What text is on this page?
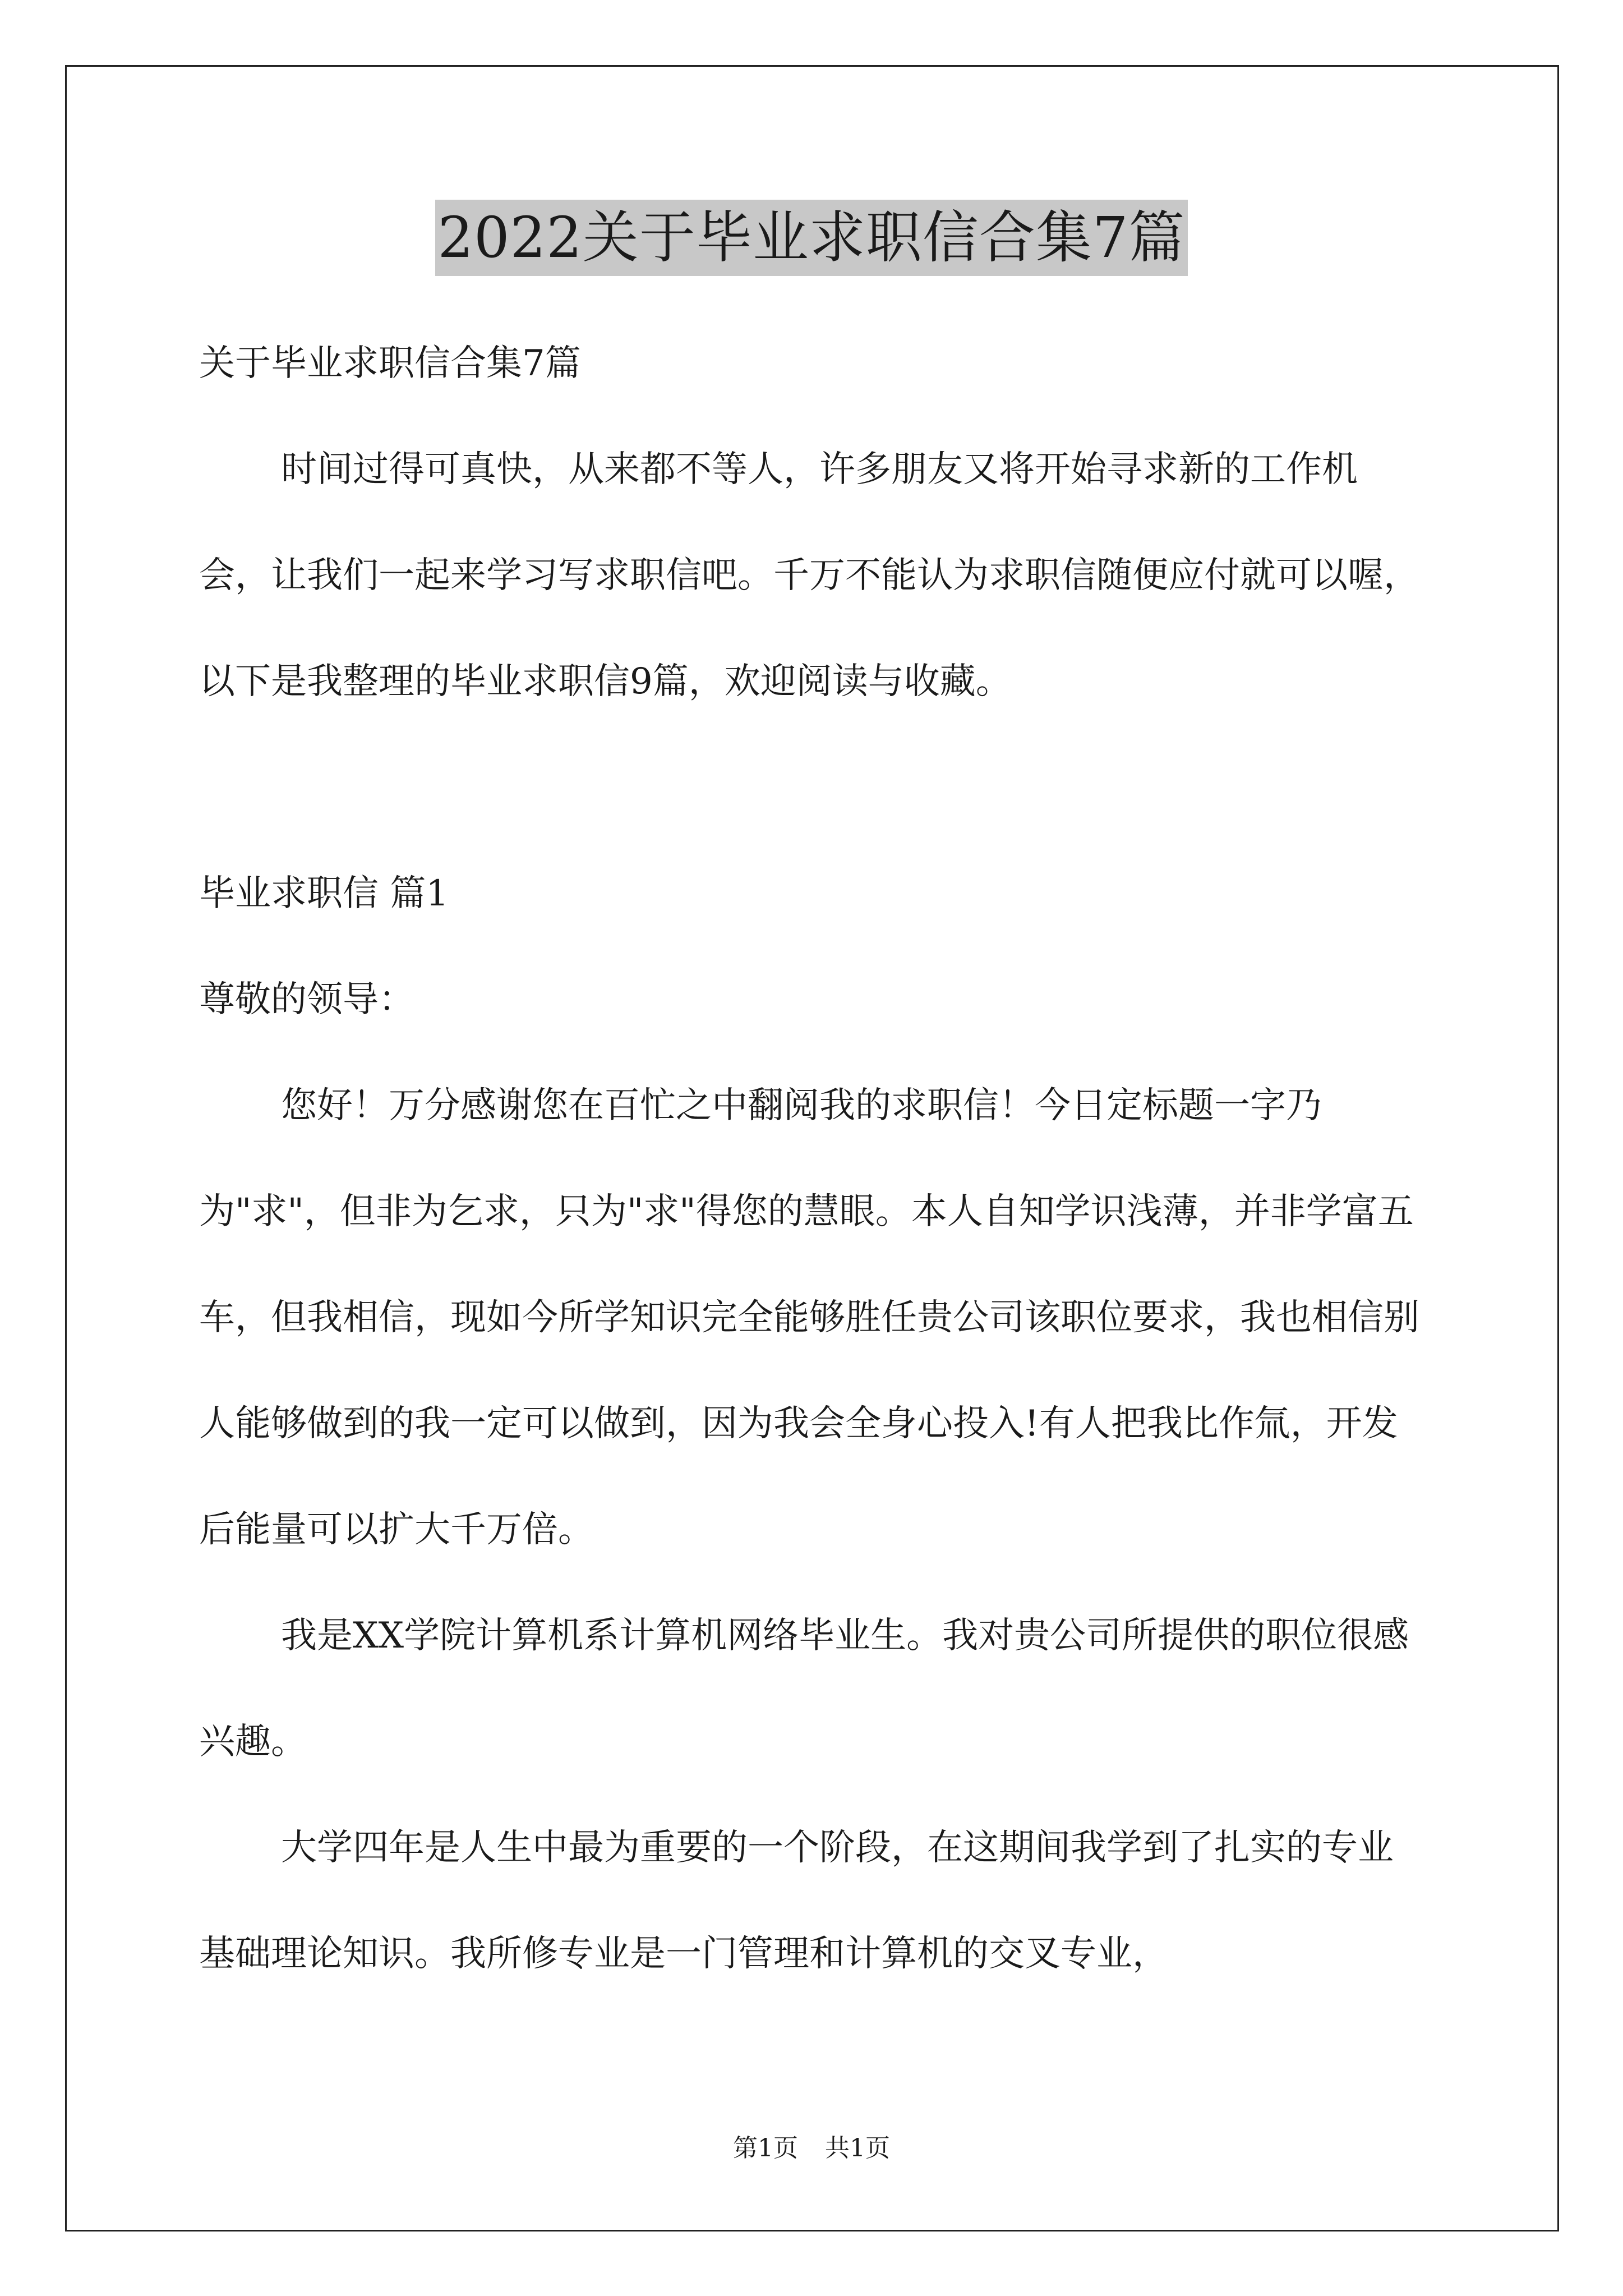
2022关于毕业求职信合集7篇

关于毕业求职信合集7篇

时间过得可真快，从来都不等人，许多朋友又将开始寻求新的工作机会，让我们一起来学习写求职信吧。千万不能认为求职信随便应付就可以喔，以下是我整理的毕业求职信9篇，欢迎阅读与收藏。

毕业求职信 篇1

尊敬的领导：

您好！万分感谢您在百忙之中翻阅我的求职信！今日定标题一字乃为"求"，但非为乞求，只为"求"得您的慧眼。本人自知学识浅薄，并非学富五车，但我相信，现如今所学知识完全能够胜任贵公司该职位要求，我也相信别人能够做到的我一定可以做到，因为我会全身心投入!有人把我比作氚，开发后能量可以扩大千万倍。

我是XX学院计算机系计算机网络毕业生。我对贵公司所提供的职位很感兴趣。

大学四年是人生中最为重要的一个阶段，在这期间我学到了扎实的专业基础理论知识。我所修专业是一门管理和计算机的交叉专业，

第1页 共1页
